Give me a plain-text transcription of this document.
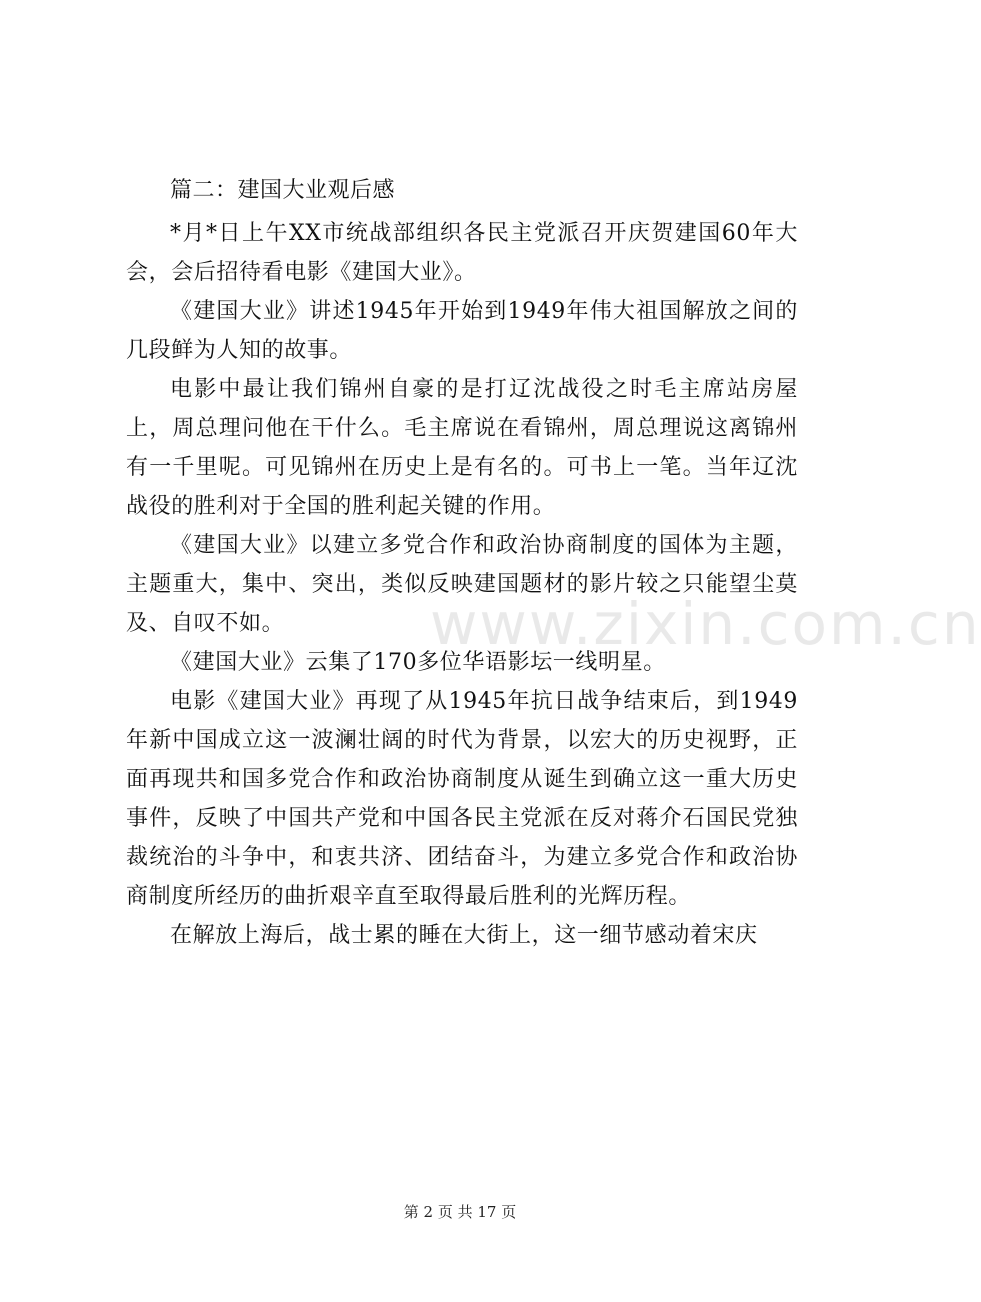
www.zixin.com.cn

篇二：建国大业观后感

*月*日上午XX市统战部组织各民主党派召开庆贺建国60年大会，会后招待看电影《建国大业》。

《建国大业》讲述1945年开始到1949年伟大祖国解放之间的几段鲜为人知的故事。

电影中最让我们锦州自豪的是打辽沈战役之时毛主席站房屋上，周总理问他在干什么。毛主席说在看锦州，周总理说这离锦州有一千里呢。可见锦州在历史上是有名的。可书上一笔。当年辽沈战役的胜利对于全国的胜利起关键的作用。

《建国大业》以建立多党合作和政治协商制度的国体为主题，主题重大，集中、突出，类似反映建国题材的影片较之只能望尘莫及、自叹不如。

《建国大业》云集了170多位华语影坛一线明星。

电影《建国大业》再现了从1945年抗日战争结束后，到1949年新中国成立这一波澜壮阔的时代为背景，以宏大的历史视野，正面再现共和国多党合作和政治协商制度从诞生到确立这一重大历史事件，反映了中国共产党和中国各民主党派在反对蒋介石国民党独裁统治的斗争中，和衷共济、团结奋斗，为建立多党合作和政治协商制度所经历的曲折艰辛直至取得最后胜利的光辉历程。

在解放上海后，战士累的睡在大街上，这一细节感动着宋庆

第 2 页 共 17 页
